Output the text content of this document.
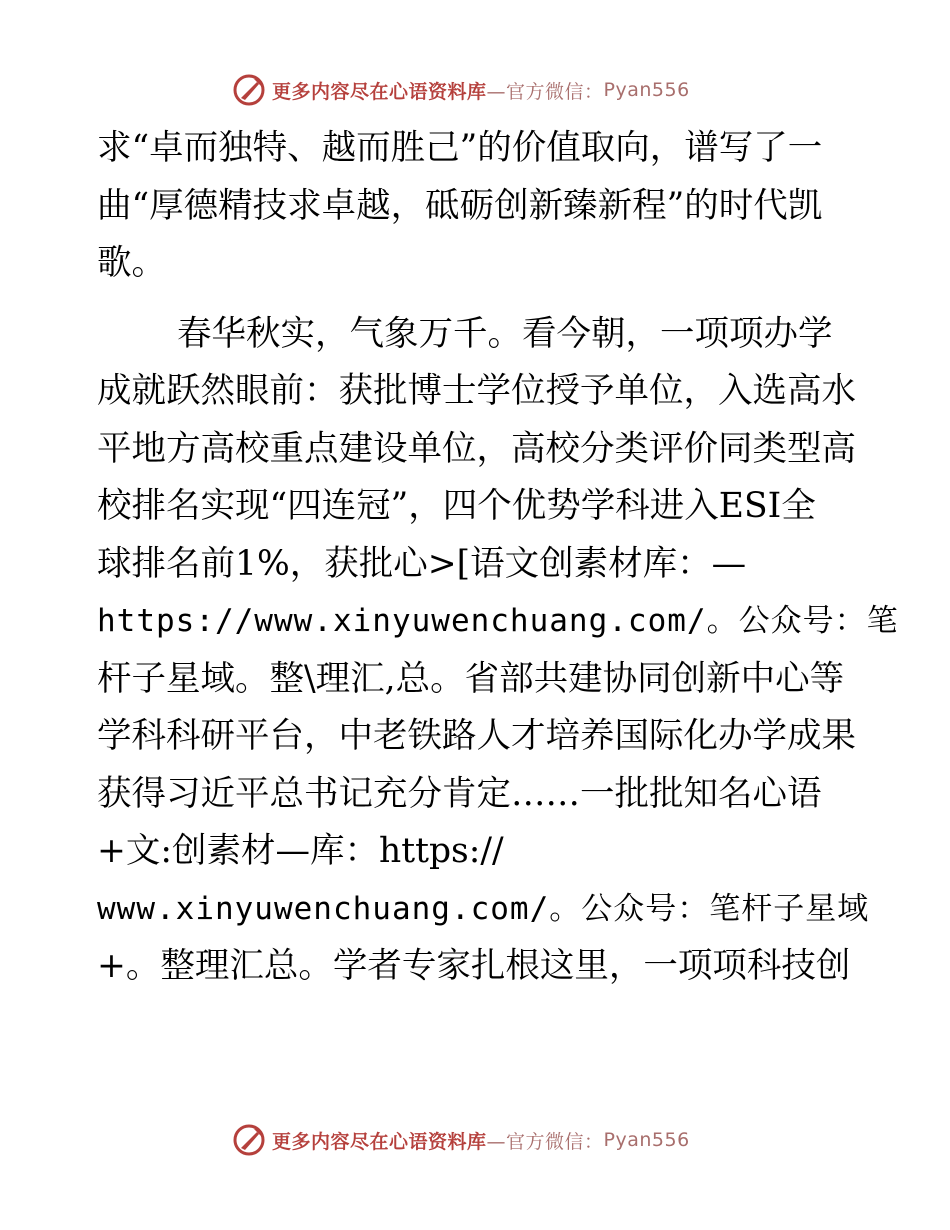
更多内容尽在心语资料库 —官方微信： Pyan556
求“卓而独特、越而胜己”的价值取向，谱写了一
曲“厚德精技求卓越，砥砺创新臻新程”的时代凯
歌。
春华秋实，气象万千。看今朝，一项项办学
成就跃然眼前：获批博士学位授予单位，入选高水
平地方高校重点建设单位，高校分类评价同类型高
校排名实现“四连冠”，四个优势学科进入ESI全
球排名前1%，获批心>[语文创素材库：—
https://www.xinyuwenchuang.com/。公众号：笔
杆子星域。整\理汇,总。省部共建协同创新中心等
学科科研平台，中老铁路人才培养国际化办学成果
获得习近平总书记充分肯定……一批批知名心语
+文:创素材—库：https://
www.xinyuwenchuang.com/。公众号：笔杆子星域
+。整理汇总。学者专家扎根这里，一项项科技创
更多内容尽在心语资料库 —官方微信： Pyan556
